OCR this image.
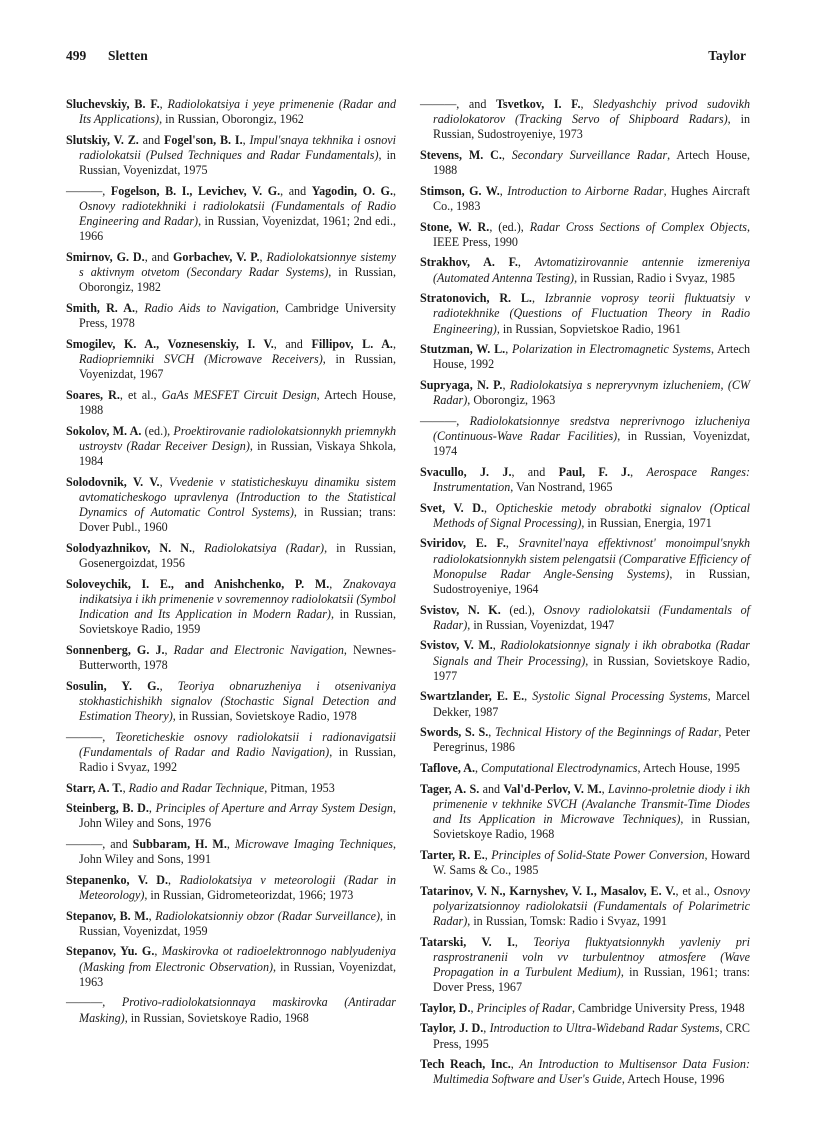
499 Sletten	Taylor

Sluchevskiy, B. F., Radiolokatsiya i yeye primenenie (Radar and Its Applications), in Russian, Oborongiz, 1962

Slutskiy, V. Z. and Fogel'son, B. I., Impul'snaya tekhnika i osnovi radiolokatsii (Pulsed Techniques and Radar Fundamentals), in Russian, Voyenizdat, 1975

———, Fogelson, B. I., Levichev, V. G., and Yagodin, O. G., Osnovy radiotekhniki i radiolokatsii (Fundamentals of Radio Engineering and Radar), in Russian, Voyenizdat, 1961; 2nd edi., 1966

Smirnov, G. D., and Gorbachev, V. P., Radiolokatsionnye sistemy s aktivnym otvetom (Secondary Radar Systems), in Russian, Oborongiz, 1982

Smith, R. A., Radio Aids to Navigation, Cambridge University Press, 1978

Smogilev, K. A., Voznesenskiy, I. V., and Fillipov, L. A., Radiopriemniki SVCH (Microwave Receivers), in Russian, Voyenizdat, 1967

Soares, R., et al., GaAs MESFET Circuit Design, Artech House, 1988

Sokolov, M. A. (ed.), Proektirovanie radiolokatsionnykh priemnykh ustroystv (Radar Receiver Design), in Russian, Viskaya Shkola, 1984

Solodovnik, V. V., Vvedenie v statisticheskuyu dinamiku sistem avtomaticheskogo upravlenya (Introduction to the Statistical Dynamics of Automatic Control Systems), in Russian; trans: Dover Publ., 1960

Solodyazhnikov, N. N., Radiolokatsiya (Radar), in Russian, Gosenergoizdat, 1956

Soloveychik, I. E., and Anishchenko, P. M., Znakovaya indikatsiya i ikh primenenie v sovremennoy radiolokatsii (Symbol Indication and Its Application in Modern Radar), in Russian, Sovietskoye Radio, 1959

Sonnenberg, G. J., Radar and Electronic Navigation, Newnes-Butterworth, 1978

Sosulin, Y. G., Teoriya obnaruzheniya i otsenivaniya stokhastichishikh signalov (Stochastic Signal Detection and Estimation Theory), in Russian, Sovietskoye Radio, 1978

———, Teoreticheskie osnovy radiolokatsii i radionavigatsii (Fundamentals of Radar and Radio Navigation), in Russian, Radio i Svyaz, 1992

Starr, A. T., Radio and Radar Technique, Pitman, 1953

Steinberg, B. D., Principles of Aperture and Array System Design, John Wiley and Sons, 1976

———, and Subbaram, H. M., Microwave Imaging Techniques, John Wiley and Sons, 1991

Stepanenko, V. D., Radiolokatsiya v meteorologii (Radar in Meteorology), in Russian, Gidrometeorizdat, 1966; 1973

Stepanov, B. M., Radiolokatsionniy obzor (Radar Surveillance), in Russian, Voyenizdat, 1959

Stepanov, Yu. G., Maskirovka ot radioelektronnogo nablyudeniya (Masking from Electronic Observation), in Russian, Voyenizdat, 1963

———, Protivo-radiolokatsionnaya maskirovka (Antiradar Masking), in Russian, Sovietskoye Radio, 1968

———, and Tsvetkov, I. F., Sledyashchiy privod sudovikh radiolokatorov (Tracking Servo of Shipboard Radars), in Russian, Sudostroyeniye, 1973

Stevens, M. C., Secondary Surveillance Radar, Artech House, 1988

Stimson, G. W., Introduction to Airborne Radar, Hughes Aircraft Co., 1983

Stone, W. R., (ed.), Radar Cross Sections of Complex Objects, IEEE Press, 1990

Strakhov, A. F., Avtomatizirovannie antennie izmereniya (Automated Antenna Testing), in Russian, Radio i Svyaz, 1985

Stratonovich, R. L., Izbrannie voprosy teorii fluktuatsiy v radiotekhnike (Questions of Fluctuation Theory in Radio Engineering), in Russian, Sopvietskoe Radio, 1961

Stutzman, W. L., Polarization in Electromagnetic Systems, Artech House, 1992

Supryaga, N. P., Radiolokatsiya s nepreryvnym izlucheniem, (CW Radar), Oborongiz, 1963

———, Radiolokatsionnye sredstva neprerivnogo izlucheniya (Continuous-Wave Radar Facilities), in Russian, Voyenizdat, 1974

Svacullo, J. J., and Paul, F. J., Aerospace Ranges: Instrumentation, Van Nostrand, 1965

Svet, V. D., Opticheskie metody obrabotki signalov (Optical Methods of Signal Processing), in Russian, Energia, 1971

Sviridov, E. F., Sravnitel'naya effektivnost' monoimpul'snykh radiolokatsionnykh sistem pelengatsii (Comparative Efficiency of Monopulse Radar Angle-Sensing Systems), in Russian, Sudostroyeniye, 1964

Svistov, N. K. (ed.), Osnovy radiolokatsii (Fundamentals of Radar), in Russian, Voyenizdat, 1947

Svistov, V. M., Radiolokatsionnye signaly i ikh obrabotka (Radar Signals and Their Processing), in Russian, Sovietskoye Radio, 1977

Swartzlander, E. E., Systolic Signal Processing Systems, Marcel Dekker, 1987

Swords, S. S., Technical History of the Beginnings of Radar, Peter Peregrinus, 1986

Taflove, A., Computational Electrodynamics, Artech House, 1995

Tager, A. S. and Val'd-Perlov, V. M., Lavinno-proletnie diody i ikh primenenie v tekhnike SVCH (Avalanche Transmit-Time Diodes and Its Application in Microwave Techniques), in Russian, Sovietskoye Radio, 1968

Tarter, R. E., Principles of Solid-State Power Conversion, Howard W. Sams & Co., 1985

Tatarinov, V. N., Karnyshev, V. I., Masalov, E. V., et al., Osnovy polyarizatsionnoy radiolokatsii (Fundamentals of Polarimetric Radar), in Russian, Tomsk: Radio i Svyaz, 1991

Tatarski, V. I., Teoriya fluktyatsionnykh yavleniy pri rasprostranenii voln vv turbulentnoy atmosfere (Wave Propagation in a Turbulent Medium), in Russian, 1961; trans: Dover Press, 1967

Taylor, D., Principles of Radar, Cambridge University Press, 1948

Taylor, J. D., Introduction to Ultra-Wideband Radar Systems, CRC Press, 1995

Tech Reach, Inc., An Introduction to Multisensor Data Fusion: Multimedia Software and User's Guide, Artech House, 1996
